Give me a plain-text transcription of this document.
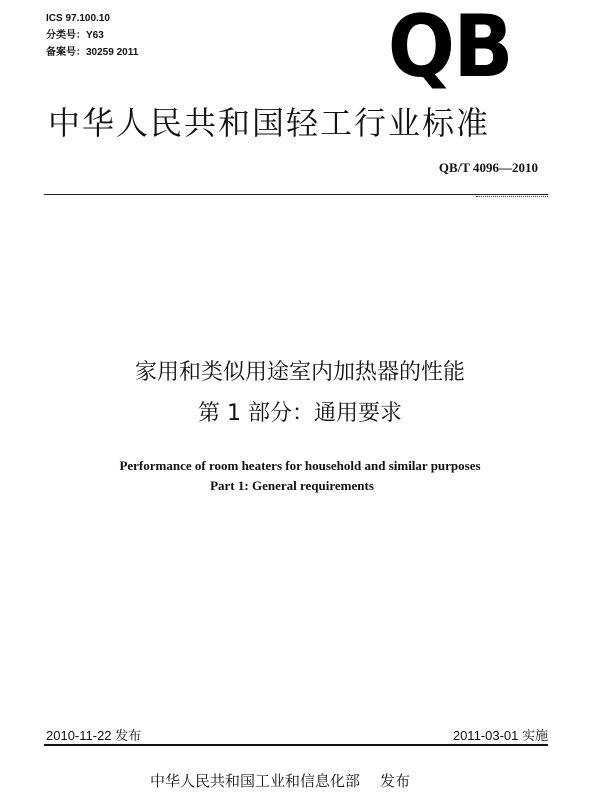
ICS 97.100.10
分类号：Y63
备案号：30259 2011	QB
中华人民共和国轻工行业标准
QB/T 4096—2010
家用和类似用途室内加热器的性能
第 1 部分：通用要求
Performance of room heaters for household and similar purposes
Part 1: General requirements
2010-11-22 发布	2011-03-01 实施
中华人民共和国工业和信息化部 发布
